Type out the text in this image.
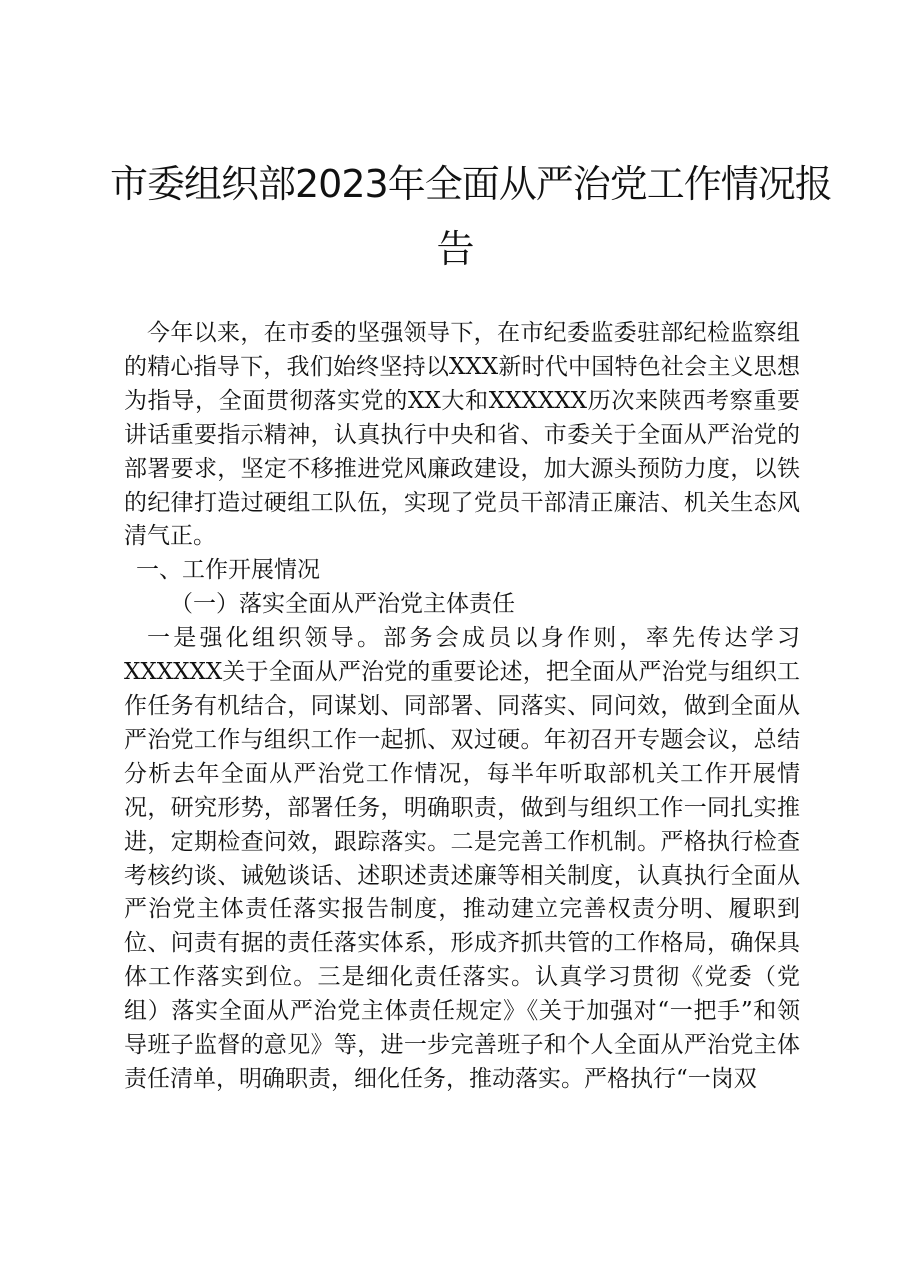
市委组织部2023年全面从严治党工作情况报
告

今年以来，在市委的坚强领导下，在市纪委监委驻部纪检监察组的精心指导下，我们始终坚持以XXX新时代中国特色社会主义思想为指导，全面贯彻落实党的XX大和XXXXXX历次来陕西考察重要讲话重要指示精神，认真执行中央和省、市委关于全面从严治党的部署要求，坚定不移推进党风廉政建设，加大源头预防力度，以铁的纪律打造过硬组工队伍，实现了党员干部清正廉洁、机关生态风清气正。

一、工作开展情况

（一）落实全面从严治党主体责任

一是强化组织领导。部务会成员以身作则，率先传达学习XXXXXX关于全面从严治党的重要论述，把全面从严治党与组织工作任务有机结合，同谋划、同部署、同落实、同问效，做到全面从严治党工作与组织工作一起抓、双过硬。年初召开专题会议，总结分析去年全面从严治党工作情况，每半年听取部机关工作开展情况，研究形势，部署任务，明确职责，做到与组织工作一同扎实推进，定期检查问效，跟踪落实。二是完善工作机制。严格执行检查考核约谈、诫勉谈话、述职述责述廉等相关制度，认真执行全面从严治党主体责任落实报告制度，推动建立完善权责分明、履职到位、问责有据的责任落实体系，形成齐抓共管的工作格局，确保具体工作落实到位。三是细化责任落实。认真学习贯彻《党委（党组）落实全面从严治党主体责任规定》《关于加强对“一把手”和领导班子监督的意见》等，进一步完善班子和个人全面从严治党主体责任清单，明确职责，细化任务，推动落实。严格执行“一岗双
